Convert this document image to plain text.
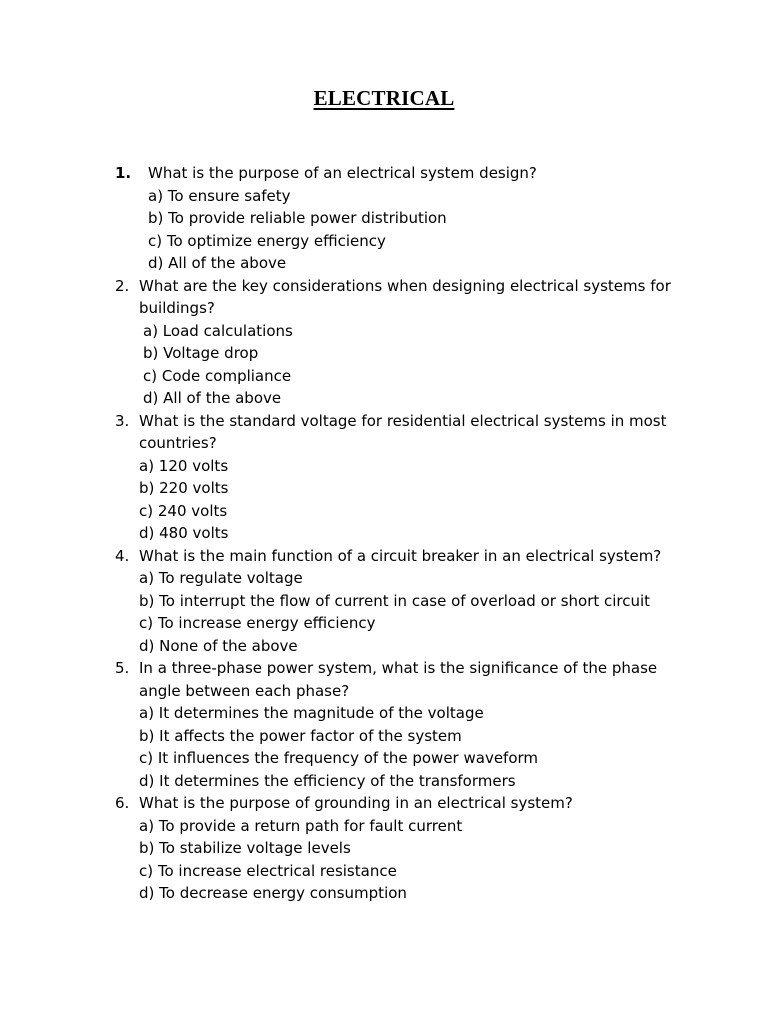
ELECTRICAL
1.	What is the purpose of an electrical system design?
a) To ensure safety
b) To provide reliable power distribution
c) To optimize energy efficiency
d) All of the above
2. What are the key considerations when designing electrical systems for buildings?
a) Load calculations
b) Voltage drop
c) Code compliance
d) All of the above
3. What is the standard voltage for residential electrical systems in most countries?
a) 120 volts
b) 220 volts
c) 240 volts
d) 480 volts
4. What is the main function of a circuit breaker in an electrical system?
a) To regulate voltage
b) To interrupt the flow of current in case of overload or short circuit
c) To increase energy efficiency
d) None of the above
5. In a three-phase power system, what is the significance of the phase angle between each phase?
a) It determines the magnitude of the voltage
b) It affects the power factor of the system
c) It influences the frequency of the power waveform
d) It determines the efficiency of the transformers
6. What is the purpose of grounding in an electrical system?
a) To provide a return path for fault current
b) To stabilize voltage levels
c) To increase electrical resistance
d) To decrease energy consumption
